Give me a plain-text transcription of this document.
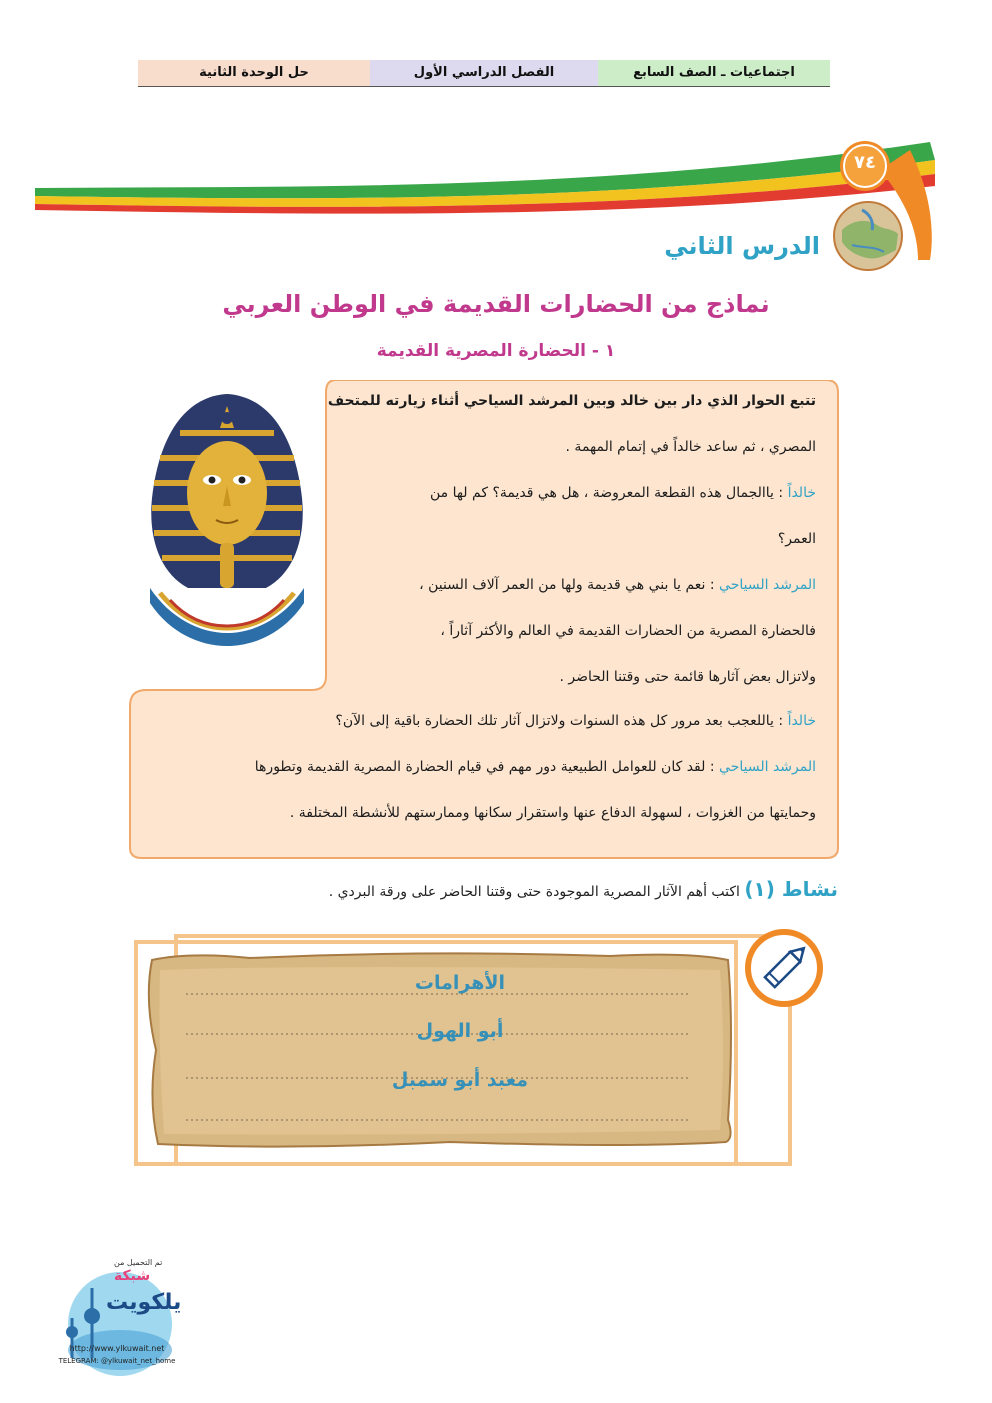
حل الوحدة الثانية	الفصل الدراسي الأول	اجتماعيات ـ الصف السابع
٧٤
الدرس الثاني
نماذج من الحضارات القديمة في الوطن العربي
١ - الحضارة المصرية القديمة
تتبع الحوار الذي دار بين خالد وبين المرشد السياحي أثناء زيارته للمتحف
المصري ، ثم ساعد خالداً في إتمام المهمة .
خالداً : ياالجمال هذه القطعة المعروضة ، هل هي قديمة؟ كم لها من
العمر؟
المرشد السياحي : نعم يا بني هي قديمة ولها من العمر آلاف السنين ،
فالحضارة المصرية من الحضارات القديمة في العالم والأكثر آثاراً ،
ولاتزال بعض آثارها قائمة حتى وقتنا الحاضر .
خالداً : ياللعجب بعد مرور كل هذه السنوات ولاتزال آثار تلك الحضارة باقية إلى الآن؟
المرشد السياحي : لقد كان للعوامل الطبيعية دور مهم في قيام الحضارة المصرية القديمة وتطورها
وحمايتها من الغزوات ، لسهولة الدفاع عنها واستقرار سكانها وممارستهم للأنشطة المختلفة .
نشاط (١) اكتب أهم الآثار المصرية الموجودة حتى وقتنا الحاضر على ورقة البردي .
الأهرامات
أبو الهول
معبد أبو سمبل
تم التحميل من
شبكة
يلكويت
http://www.ylkuwait.net
TELEGRAM: @ylkuwait_net_home
